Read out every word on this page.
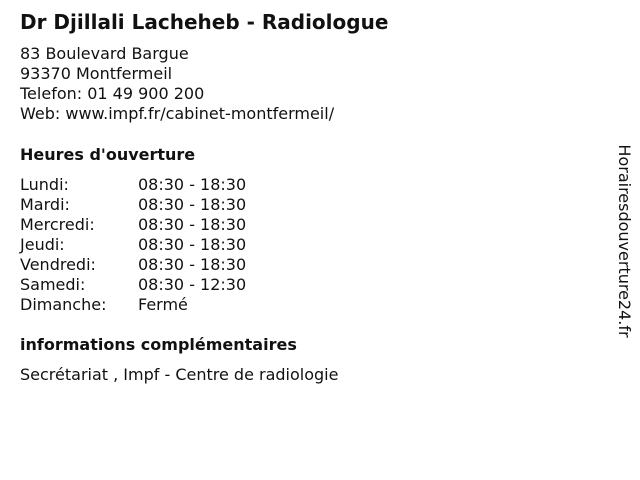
Dr Djillali Lacheheb - Radiologue
83 Boulevard Bargue
93370 Montfermeil
Telefon: 01 49 900 200
Web: www.impf.fr/cabinet-montfermeil/
Heures d'ouverture
Lundi:	08:30 - 18:30
Mardi:	08:30 - 18:30
Mercredi:	08:30 - 18:30
Jeudi:	08:30 - 18:30
Vendredi:	08:30 - 18:30
Samedi:	08:30 - 12:30
Dimanche:	Fermé
informations complémentaires
Secrétariat , Impf - Centre de radiologie
Horairesdouverture24.fr
